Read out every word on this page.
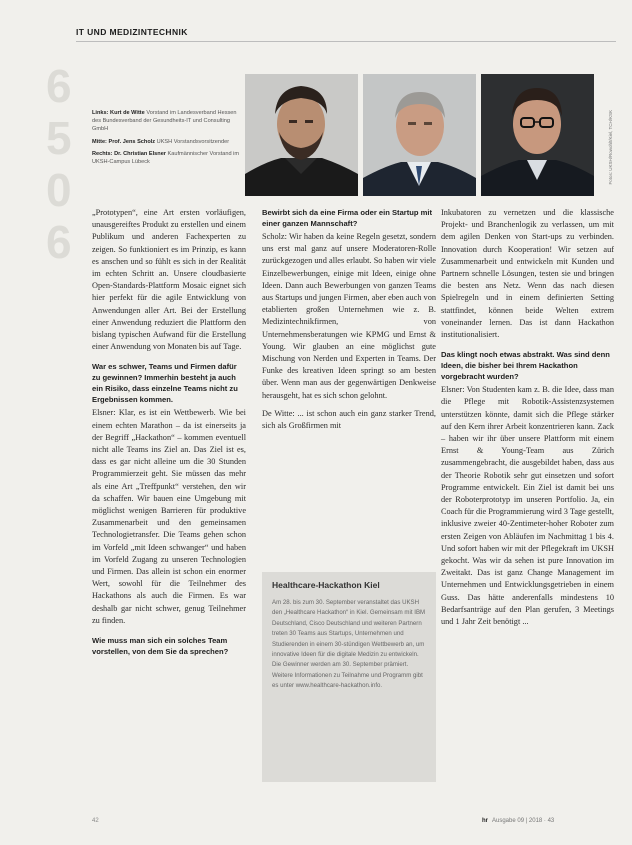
IT UND MEDIZINTECHNIK
6 5 0 6

Links: Kurt de Witte Vorstand im Landesverband Hessen des Bundesverband der Gesundheits-IT und Consulting GmbH

Mitte: Prof. Jens Scholz UKSH Vorstandsvorsitzender

Rechts: Dr. Christian Elsner Kaufmännischer Vorstand im UKSH-Campus Lübeck	Fotos: UKSH/Rowohlt/Kiel, TCH/KSK

„Prototypen“, eine Art ersten vorläufigen, unausgereiftes Produkt zu erstellen und einem Publikum und anderen Fachexperten zu zeigen. So funktioniert es im Prinzip, es kann es anschen und so fühlt es sich in der Realität im echten Schritt an. Unsere cloudbasierte Open-Standards-Plattform Mosaic eignet sich hier perfekt für die agile Entwicklung von Anwendungen aller Art. Bei der Erstellung einer Anwendung reduziert die Plattform den bislang typischen Aufwand für die Erstellung einer Anwendung von Monaten bis auf Tage.

War es schwer, Teams und Firmen dafür zu gewinnen? Immerhin besteht ja auch ein Risiko, dass einzelne Teams nicht zu Ergebnissen kommen.

Elsner: Klar, es ist ein Wettbewerb. Wie bei einem echten Marathon – da ist einerseits ja der Begriff „Hackathon“ – kommen eventuell nicht alle Teams ins Ziel an. Das Ziel ist es, dass es gar nicht alleine um die 30 Stunden Programmierzeit geht. Sie müssen das mehr als eine Art „Treffpunkt“ verstehen, den wir da schaffen. Wir bauen eine Umgebung mit möglichst wenigen Barrieren für produktive Zusammenarbeit und den gemeinsamen Technologietransfer. Die Teams gehen schon im Vorfeld „mit Ideen schwanger“ und haben im Vorfeld Zugang zu unseren Technologien und Firmen. Das allein ist schon ein enormer Wert, sowohl für die Teilnehmer des Hackathons als auch die Firmen. Es war deshalb gar nicht schwer, genug Teilnehmer zu finden.

Wie muss man sich ein solches Team vorstellen, von dem Sie da sprechen?
Bewirbt sich da eine Firma oder ein Startup mit einer ganzen Mannschaft?

Scholz: Wir haben da keine Regeln gesetzt, sondern uns erst mal ganz auf unsere Moderatoren-Rolle zurückgezogen und alles erlaubt. So haben wir viele Einzelbewerbungen, einige mit Ideen, einige ohne Ideen. Dann auch Bewerbungen von ganzen Teams aus Startups und jungen Firmen, aber eben auch von etablierten großen Unternehmen wie z. B. Medizintechnikfirmen, von Unternehmensberatungen wie KPMG und Ernst & Young. Wir glauben an eine möglichst gute Mischung von Nerden und Experten in Teams. Der Funke des kreativen Ideen springt so am besten über. Wenn man aus der gegenwärtigen Denkweise herausgeht, hat es sich schon gelohnt.

De Witte: ... ist schon auch ein ganz starker Trend, sich als Großfirmen mit

Healthcare-Hackathon Kiel
Am 28. bis zum 30. September veranstaltet das UKSH den „Healthcare Hackathon“ in Kiel. Gemeinsam mit IBM Deutschland, Cisco Deutschland und weiteren Partnern treten 30 Teams aus Startups, Unternehmen und Studierenden in einem 30-stündigen Wettbewerb an, um innovative Ideen für die digitale Medizin zu entwickeln. Die Gewinner werden am 30. September prämiert. Weitere Informationen zu Teilnahme und Programm gibt es unter www.healthcare-hackathon.info.

Inkubatoren zu vernetzen und die klassische Projekt- und Branchenlogik zu verlassen, um mit dem agilen Denken von Start-ups zu verbinden. Innovation durch Kooperation! Wir setzen auf Zusammenarbeit und entwickeln mit Kunden und Partnern schnelle Lösungen, testen sie und bringen die besten ans Netz. Wenn das nach diesen Spielregeln und in einem definierten Setting stattfindet, können beide Welten extrem voneinander lernen. Das ist dann Hackathon institutionalisiert.

Das klingt noch etwas abstrakt. Was sind denn Ideen, die bisher bei Ihrem Hackathon vorgebracht wurden?

Elsner: Von Studenten kam z. B. die Idee, dass man die Pflege mit Robotik-Assistenzsystemen unterstützen könnte, damit sich die Pflege stärker auf den Kern ihrer Arbeit konzentrieren kann. Zack – haben wir ihr über unsere Plattform mit einem Ernst & Young-Team aus Zürich zusammengebracht, die ausgebildet haben, dass aus der Theorie Robotik sehr gut einsetzen und sofort Programme entwickelt. Ein Ziel ist damit bei uns der Roboterprototyp im unseren Portfolio. Ja, ein Coach für die Programmierung wird 3 Tage gestellt, inklusive zweier 40-Zentimeter-hoher Roboter zum ersten Zeigen von Abläufen im Nachmittag 1 bis 4. Und sofort haben wir mit der Pflegekraft im UKSH gekocht. Was wir da sehen ist pure Innovation im Zweitakt. Das ist ganz Change Management im Unternehmen und Entwicklungsgetrieben in einem Guss. Das hätte anderenfalls mindestens 10 Bedarfsanträge auf den Plan gerufen, 3 Meetings und 1 Jahr Zeit benötigt ...

42	hr Ausgabe 09 | 2018 · 43
